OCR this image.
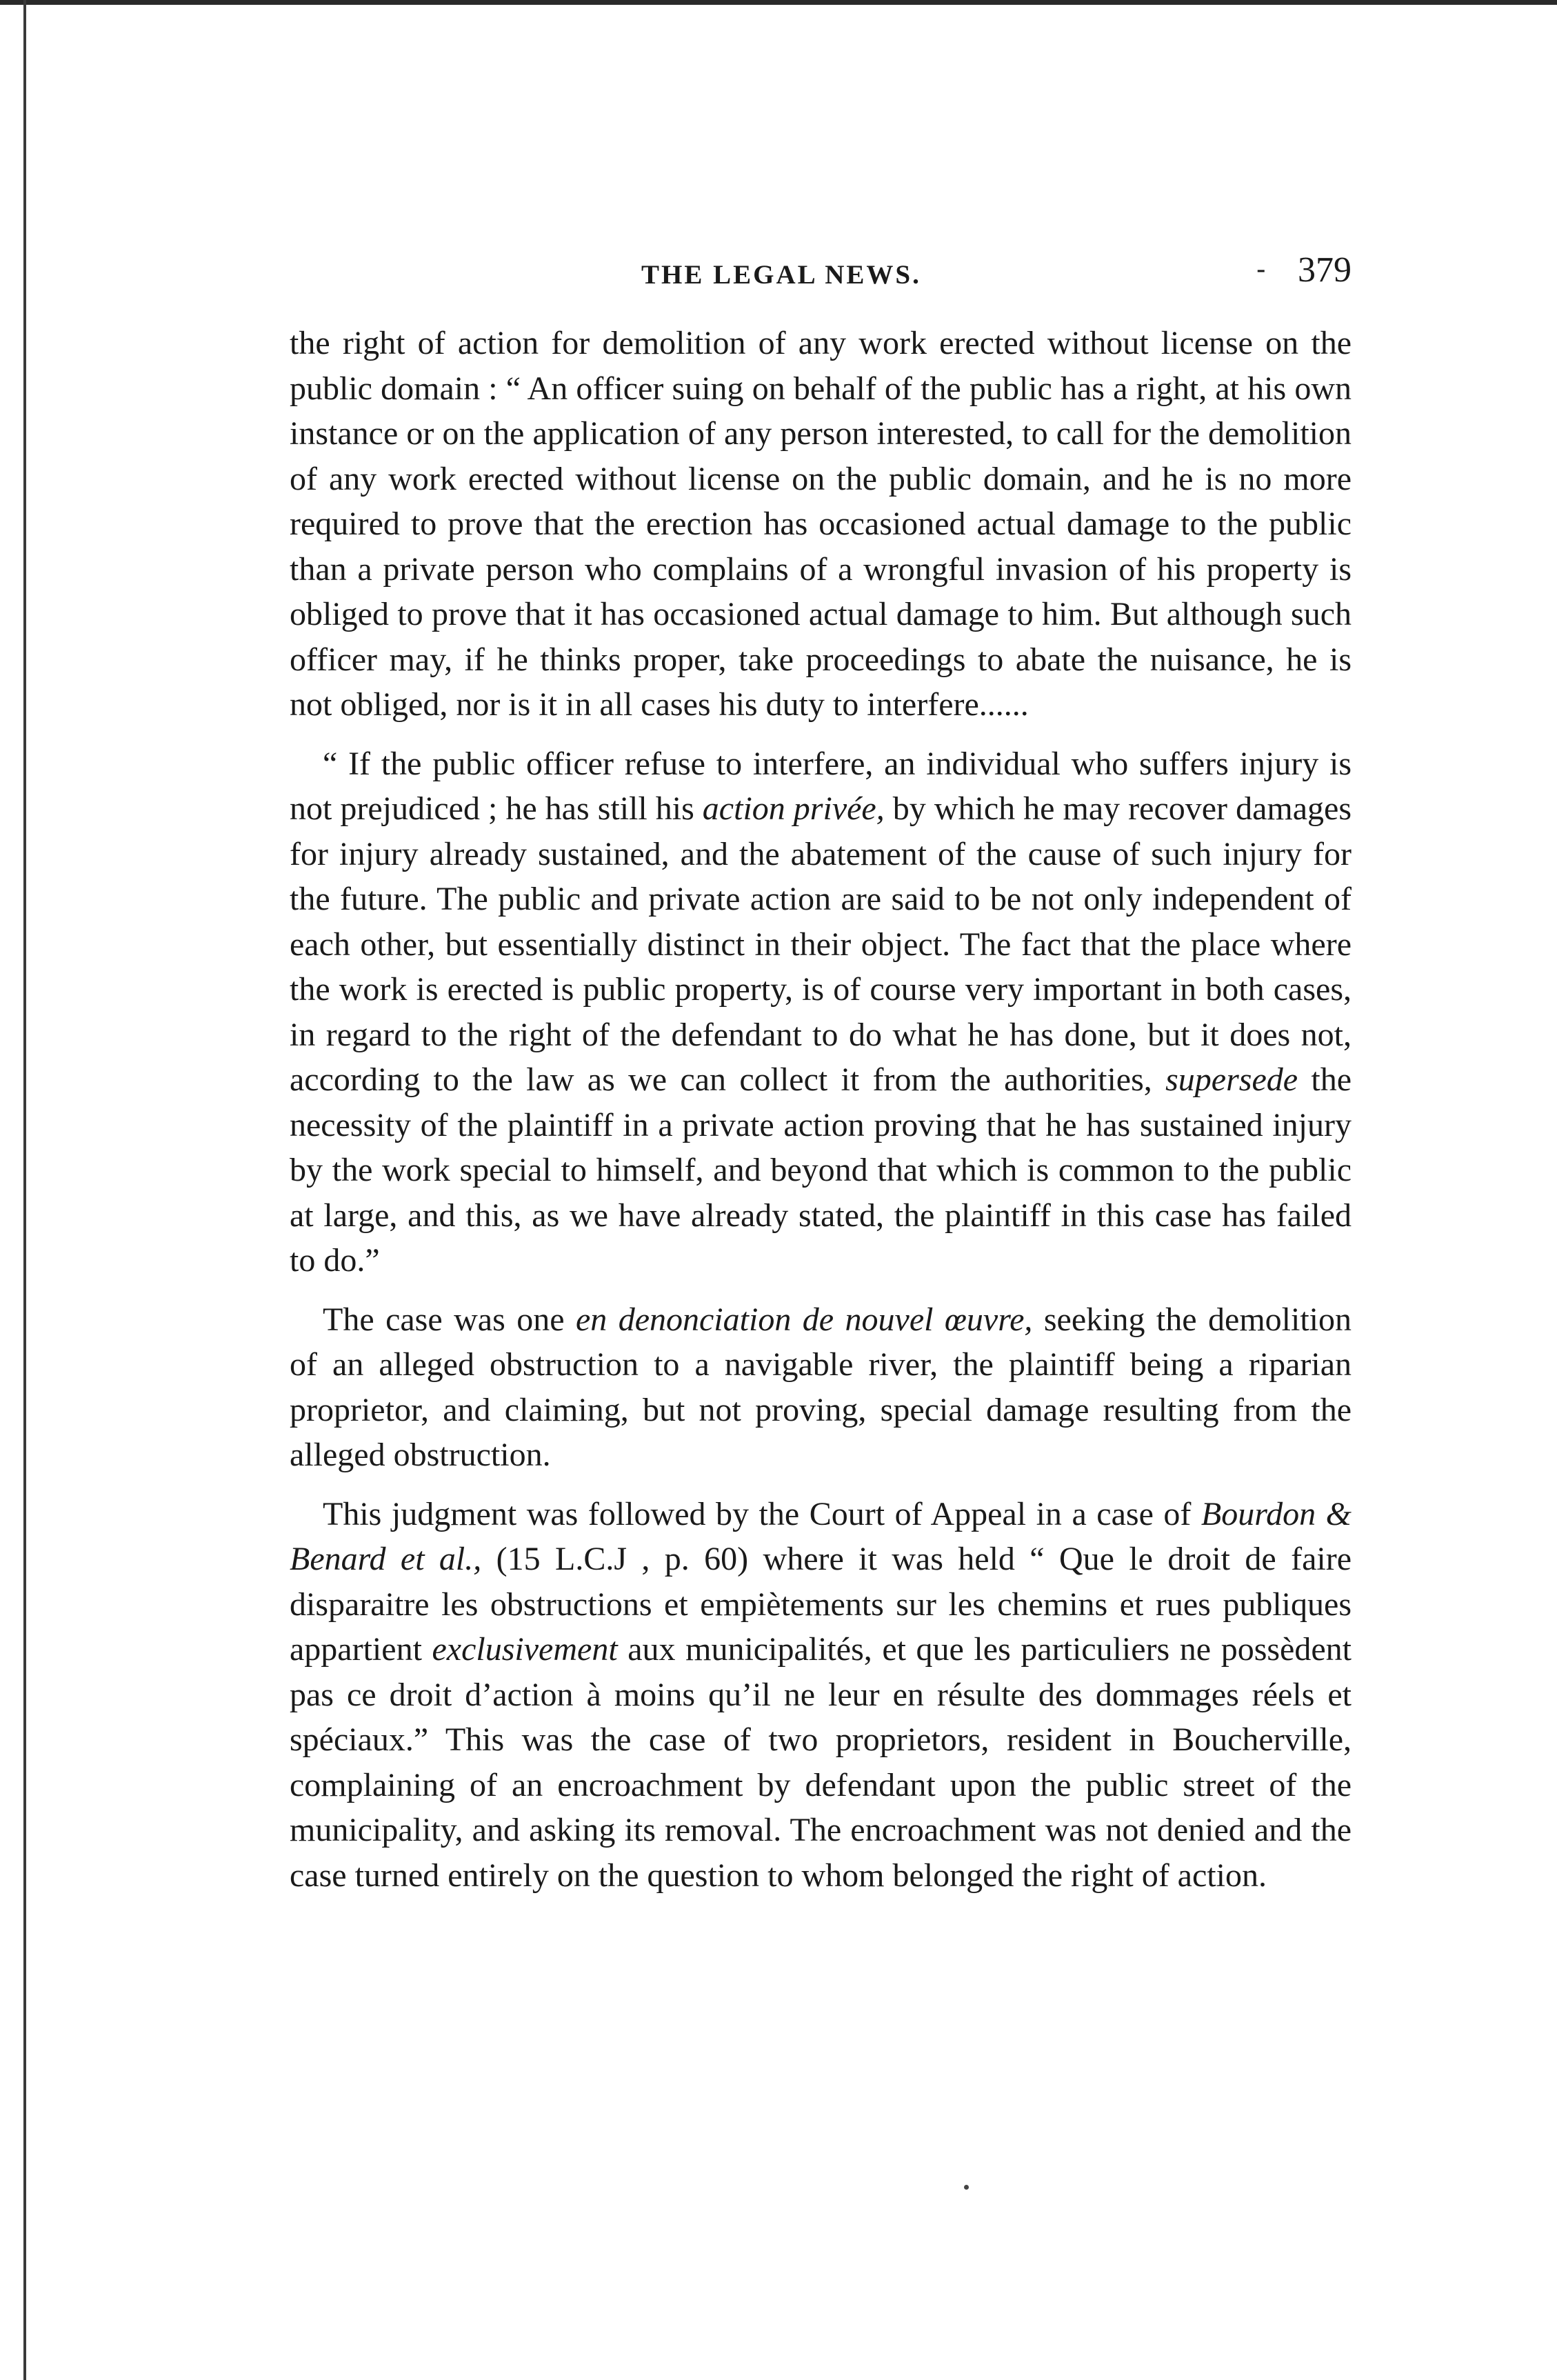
THE LEGAL NEWS.	- 379

the right of action for demolition of any work erected without license on the public domain : “ An officer suing on behalf of the public has a right, at his own instance or on the application of any person interested, to call for the demolition of any work erected without license on the public domain, and he is no more required to prove that the erection has occasioned actual damage to the public than a private person who complains of a wrongful invasion of his property is obliged to prove that it has occasioned actual damage to him. But although such officer may, if he thinks proper, take proceedings to abate the nuisance, he is not obliged, nor is it in all cases his duty to interfere......

“ If the public officer refuse to interfere, an individual who suffers injury is not prejudiced ; he has still his action privée, by which he may recover damages for injury already sustained, and the abatement of the cause of such injury for the future. The public and private action are said to be not only independent of each other, but essentially distinct in their object. The fact that the place where the work is erected is public property, is of course very important in both cases, in regard to the right of the defendant to do what he has done, but it does not, according to the law as we can collect it from the authorities, supersede the necessity of the plaintiff in a private action proving that he has sustained injury by the work special to himself, and beyond that which is common to the public at large, and this, as we have already stated, the plaintiff in this case has failed to do.”

The case was one en denonciation de nouvel œuvre, seeking the demolition of an alleged obstruction to a navigable river, the plaintiff being a riparian proprietor, and claiming, but not proving, special damage resulting from the alleged obstruction.

This judgment was followed by the Court of Appeal in a case of Bourdon & Benard et al., (15 L.C.J , p. 60) where it was held “ Que le droit de faire disparaitre les obstructions et empiètements sur les chemins et rues publiques appartient exclusivement aux municipalités, et que les particuliers ne possèdent pas ce droit d’action à moins qu’il ne leur en résulte des dommages réels et spéciaux.” This was the case of two proprietors, resident in Boucherville, complaining of an encroachment by defendant upon the public street of the municipality, and asking its removal. The encroachment was not denied and the case turned entirely on the question to whom belonged the right of action.
